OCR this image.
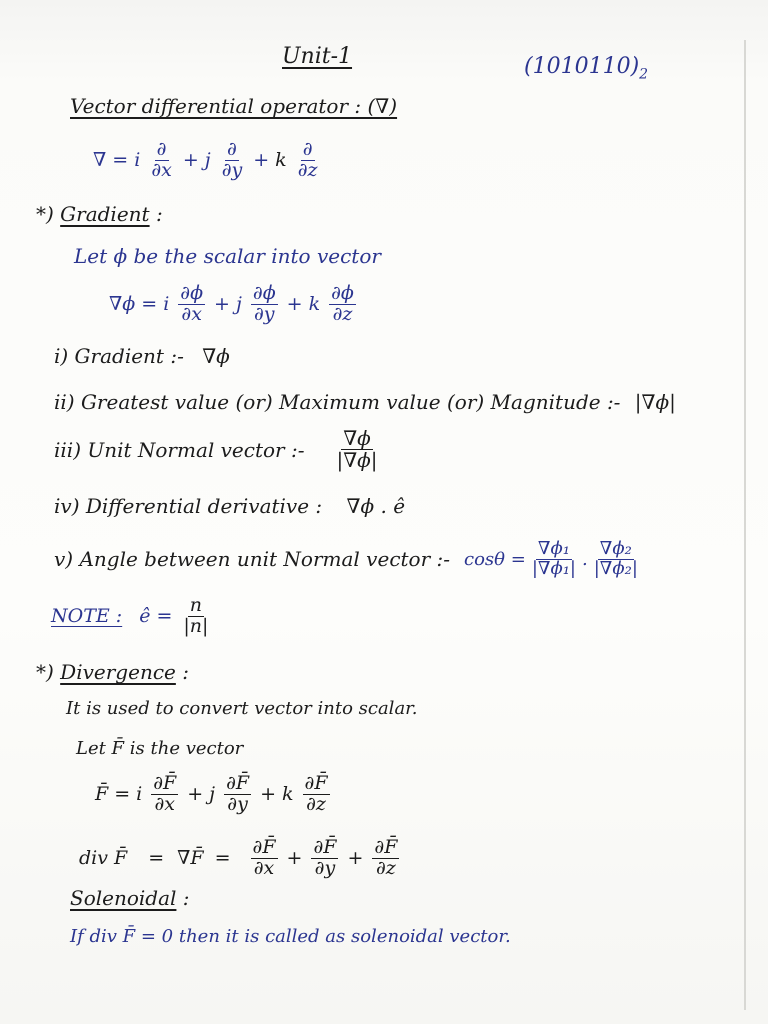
Unit-1	$(1010110)_2$
Vector differential operator : (∇)
∇ = i $\frac{\partial}{\partial x} + j \frac{\partial}{\partial y} + k \frac{\partial}{\partial z}$
*) Gradient :
Let ϕ be the scalar into vector
∇ϕ = i $\frac{\partial\phi}{\partial x} + j \frac{\partial\phi}{\partial y} + k \frac{\partial\phi}{\partial z}$
i) Gradient :- ∇ϕ
ii) Greatest value (or) Maximum value (or) Magnitude :- |∇ϕ|
iii) Unit Normal vector :- $\frac{\nabla\phi}{|\nabla\phi|}$
iv) Differential derivative : ∇ϕ . ê
v) Angle between unit Normal vector :- $\cos\theta = \frac{\text{∇ϕ₁}}{\text{|∇ϕ₁|}}$ . $\frac{\text{∇ϕ₂}}{\text{|∇ϕ₂|}}$
NOTE : ê = $\frac{n}{|n|}$
*) Divergence :
It is used to convert vector into scalar.
Let F̄ is the vector
F̄ = i $\frac{\partial F̄}{\partial x} + j \frac{\partial F̄}{\partial y} + k \frac{\partial F̄}{\partial z}$
div F̄ = ∇F̄ = $\frac{\partial F̄}{\partial x} + \frac{\partial F̄}{\partial y} + \frac{\partial F̄}{\partial z}$
Solenoidal :
If div F̄ = 0 then it is called as solenoidal vector.
